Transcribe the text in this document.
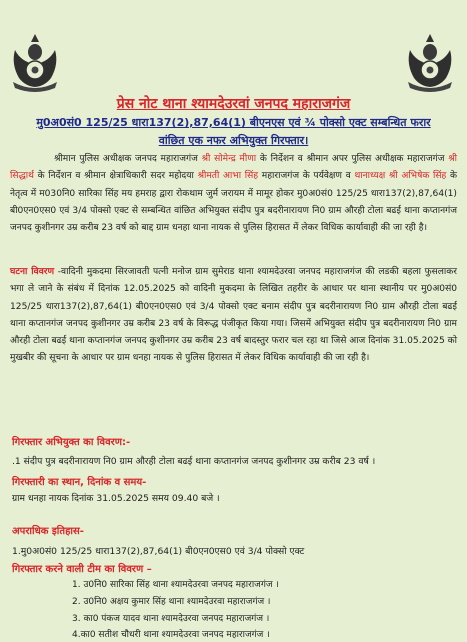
प्रेस नोट थाना श्यामदेउरवां जनपद महाराजगंज
मु0अ0सं0 125/25 धारा137(2),87,64(1) बीएनएस एवं ¾ पोक्सो एक्ट सम्बन्धित फरार
वांछित एक नफर अभियुक्त गिरफ्तार।
श्रीमान पुलिस अधीक्षक जनपद महाराजगंज श्री सोमेन्द्र मीणा के निर्देशन व श्रीमान अपर पुलिस अधीक्षक महाराजगंज श्री सिद्धार्थ के निर्देशन व श्रीमान क्षेत्राधिकारी सदर महोदया श्रीमती आभा सिंह महाराजगंज के पर्यवेक्षण व थानाध्यक्ष श्री अभिषेक सिंह के नेतृत्व में म030नि0 सारिका सिंह मय हमराह द्वारा रोकथाम जुर्म जरायम में मामूर होकर मु0अ0सं0 125/25 धारा137(2),87,64(1) बी0एन0एस0 एवं 3/4 पोक्सो एक्ट से सम्बन्धित वांछित अभियुक्त संदीप पुत्र बदरीनारायण नि0 ग्राम औरही टोला बढई थाना कप्तानगंज जनपद कुशीनगर उम्र करीब 23 वर्ष को बाद्द ग्राम धनहा थाना नायक से पुलिस हिरासत में लेकर विधिक कार्यावाही की जा रही है।
घटना विवरण -वादिनी मुकदमा सिरजावती पत्नी मनोज ग्राम सुमेराड थाना श्यामदेउरवा जनपद महाराजगंज की लडकी बहला फुसलाकर भगा ले जाने के संबंध में दिनांक 12.05.2025 को वादिनी मुकदमा के लिखित तहरीर के आधार पर थाना स्थानीय पर मु0अ0सं0 125/25 धारा137(2),87,64(1) बी0एन0एस0 एवं 3/4 पोक्सो एक्ट बनाम संदीप पुत्र बदरीनारायण नि0 ग्राम औरही टोला बढई थाना कप्तानगंज जनपद कुशीनगर उम्र करीब 23 वर्ष के विरूद्ध पंजीकृत किया गया। जिसमें अभियुक्त संदीप पुत्र बदरीनारायण नि0 ग्राम औरही टोला बढई थाना कप्तानगंज जनपद कुशीनगर उम्र करीब 23 वर्ष बादस्तुर फरार चल रहा था जिसे आज दिनांक 31.05.2025 को मुखबीर की सूचना के आधार पर ग्राम धनहा नायक से पुलिस हिरासत में लेकर विधिक कार्यावाही की जा रही है।
गिरफ्तार अभियुक्त का विवरण:-
.1 संदीप पुत्र बदरीनारायण नि0 ग्राम औरही टोला बढई थाना कप्तानगंज जनपद कुशीनगर उम्र करीब 23 वर्ष ।
गिरफ्तारी का स्थान, दिनांक व समय-
ग्राम धनहा नायक दिनांक 31.05.2025 समय 09.40 बजे ।
अपराधिक इतिहास-
1.मु0अ0सं0 125/25 धारा137(2),87,64(1) बी0एन0एस0 एवं 3/4 पोक्सो एक्ट
गिरफ्तार करने वाली टीम का विवरण –
1. उ0नि0 सारिका सिंह थाना श्यामदेउरवा जनपद महाराजगंज ।
2. उ0नि0 अक्षय कुमार सिंह थाना श्यामदेउरवा महाराजगंज ।
3. का0 पंकज यादव थाना श्यामदेउरवा जनपद महाराजगंज ।
4.का0 सतीश चौधरी थाना श्यामदेउरवा जनपद महाराजगंज ।
